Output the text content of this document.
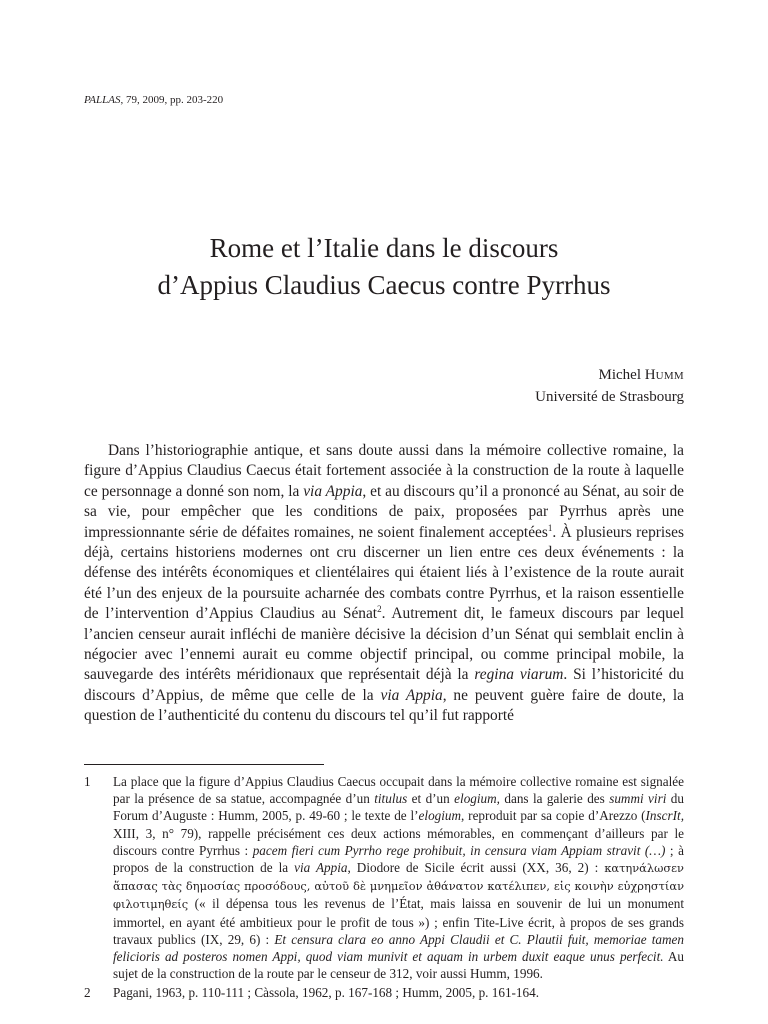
PALLAS, 79, 2009, pp. 203-220
Rome et l’Italie dans le discours
d’Appius Claudius Caecus contre Pyrrhus
Michel HUMM
Université de Strasbourg

Dans l’historiographie antique, et sans doute aussi dans la mémoire collective romaine, la figure d’Appius Claudius Caecus était fortement associée à la construction de la route à laquelle ce personnage a donné son nom, la via Appia, et au discours qu’il a prononcé au Sénat, au soir de sa vie, pour empêcher que les conditions de paix, proposées par Pyrrhus après une impressionnante série de défaites romaines, ne soient finalement acceptées$^1$. À plusieurs reprises déjà, certains historiens modernes ont cru discerner un lien entre ces deux événements : la défense des intérêts économiques et clientélaires qui étaient liés à l’existence de la route aurait été l’un des enjeux de la poursuite acharnée des combats contre Pyrrhus, et la raison essentielle de l’intervention d’Appius Claudius au Sénat$^2$. Autrement dit, le fameux discours par lequel l’ancien censeur aurait infléchi de manière décisive la décision d’un Sénat qui semblait enclin à négocier avec l’ennemi aurait eu comme objectif principal, ou comme principal mobile, la sauvegarde des intérêts méridionaux que représentait déjà la regina viarum. Si l’historicité du discours d’Appius, de même que celle de la via Appia, ne peuvent guère faire de doute, la question de l’authenticité du contenu du discours tel qu’il fut rapporté

1 La place que la figure d’Appius Claudius Caecus occupait dans la mémoire collective romaine est signalée par la présence de sa statue, accompagnée d’un titulus et d’un elogium, dans la galerie des summi viri du Forum d’Auguste : Humm, 2005, p. 49-60 ; le texte de l’elogium, reproduit par sa copie d’Arezzo (InscrIt, XIII, 3, n° 79), rappelle précisément ces deux actions mémorables, en commençant d’ailleurs par le discours contre Pyrrhus : pacem fieri cum Pyrrho rege prohibuit, in censura viam Appiam stravit (…) ; à propos de la construction de la via Appia, Diodore de Sicile écrit aussi (XX, 36, 2) : κατηνάλωσεν ἅπασας τὰς δημοσίας προσόδους, αὑτοῦ δὲ μνημεῖον ἀθάνατον κατέλιπεν, εἰς κοινὴν εὐχρηστίαν φιλοτιμηθείς (« il dépensa tous les revenus de l’État, mais laissa en souvenir de lui un monument immortel, en ayant été ambitieux pour le profit de tous ») ; enfin Tite-Live écrit, à propos de ses grands travaux publics (IX, 29, 6) : Et censura clara eo anno Appi Claudii et C. Plautii fuit, memoriae tamen felicioris ad posteros nomen Appi, quod viam munivit et aquam in urbem duxit eaque unus perfecit. Au sujet de la construction de la route par le censeur de 312, voir aussi Humm, 1996.
2 Pagani, 1963, p. 110-111 ; Càssola, 1962, p. 167-168 ; Humm, 2005, p. 161-164.
